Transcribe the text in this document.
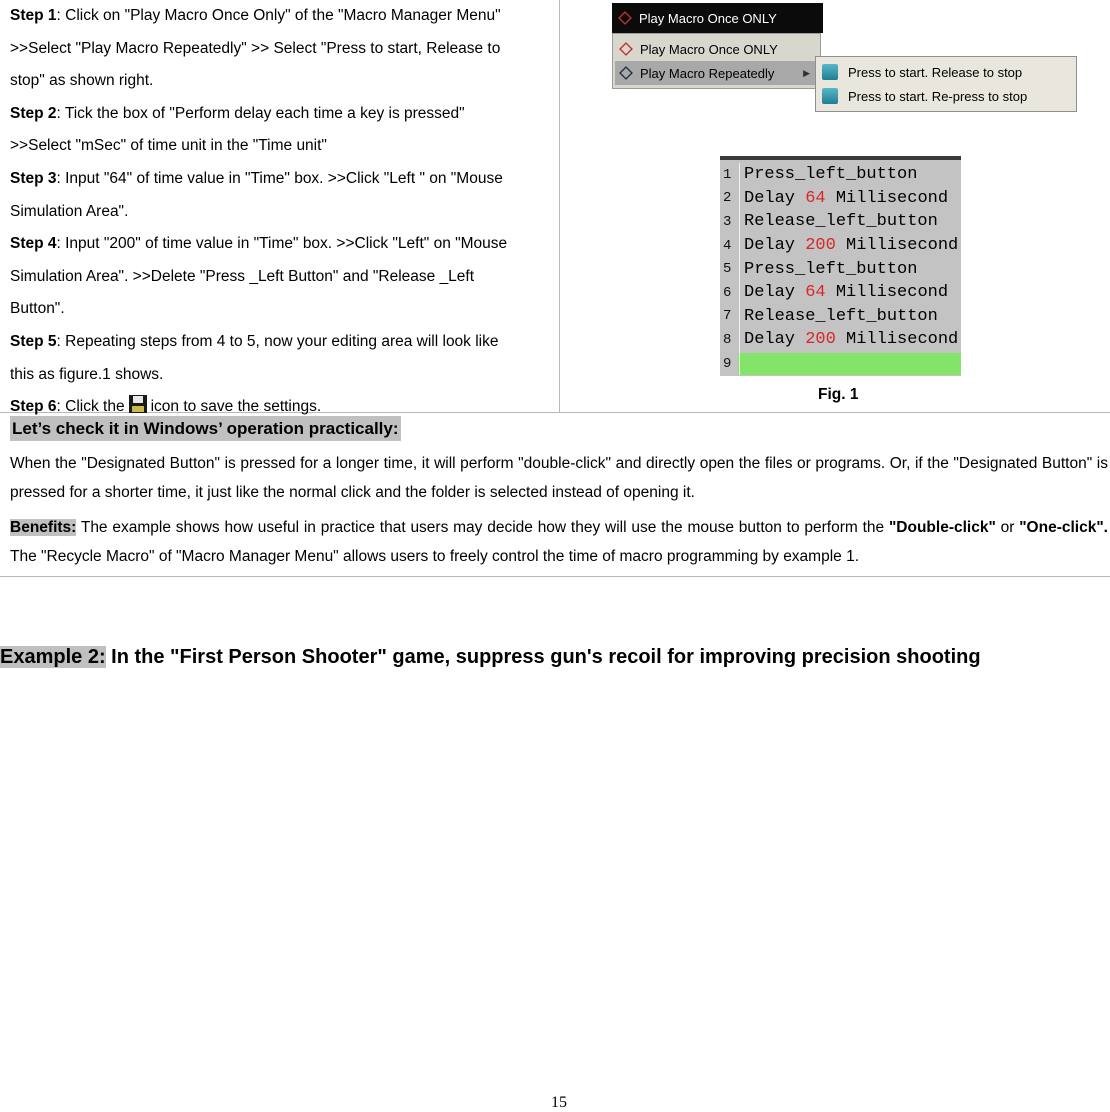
Step 1: Click on "Play Macro Once Only" of the "Macro Manager Menu"
>>Select "Play Macro Repeatedly" >> Select "Press to start, Release to
stop" as shown right.
Step 2: Tick the box of "Perform delay each time a key is pressed"
>>Select "mSec" of time unit in the "Time unit"
Step 3: Input "64" of time value in "Time" box. >>Click "Left " on "Mouse
Simulation Area".
Step 4: Input "200" of time value in "Time" box. >>Click "Left" on "Mouse
Simulation Area". >>Delete "Press _Left Button" and "Release _Left
Button".
Step 5: Repeating steps from 4 to 5, now your editing area will look like
this as figure.1 shows.
Step 6: Click the icon to save the settings.
Play Macro Once ONLY
Play Macro Once ONLY
Play Macro Repeatedly	▶	Press to start. Release to stop
Press to start. Re-press to stop
1 Press_left_button
2 Delay 64 Millisecond
3 Release_left_button
4 Delay 200 Millisecond
5 Press_left_button
6 Delay 64 Millisecond
7 Release_left_button
8 Delay 200 Millisecond
9
Fig. 1
Let’s check it in Windows’ operation practically:
When the "Designated Button" is pressed for a longer time, it will perform "double-click" and directly open the files or programs. Or, if the "Designated Button" is pressed for a shorter time, it just like the normal click and the folder is selected instead of opening it.
Benefits: The example shows how useful in practice that users may decide how they will use the mouse button to perform the "Double-click" or "One-click". The "Recycle Macro" of "Macro Manager Menu" allows users to freely control the time of macro programming by example 1.
Example 2: In the "First Person Shooter" game, suppress gun's recoil for improving precision shooting
15
